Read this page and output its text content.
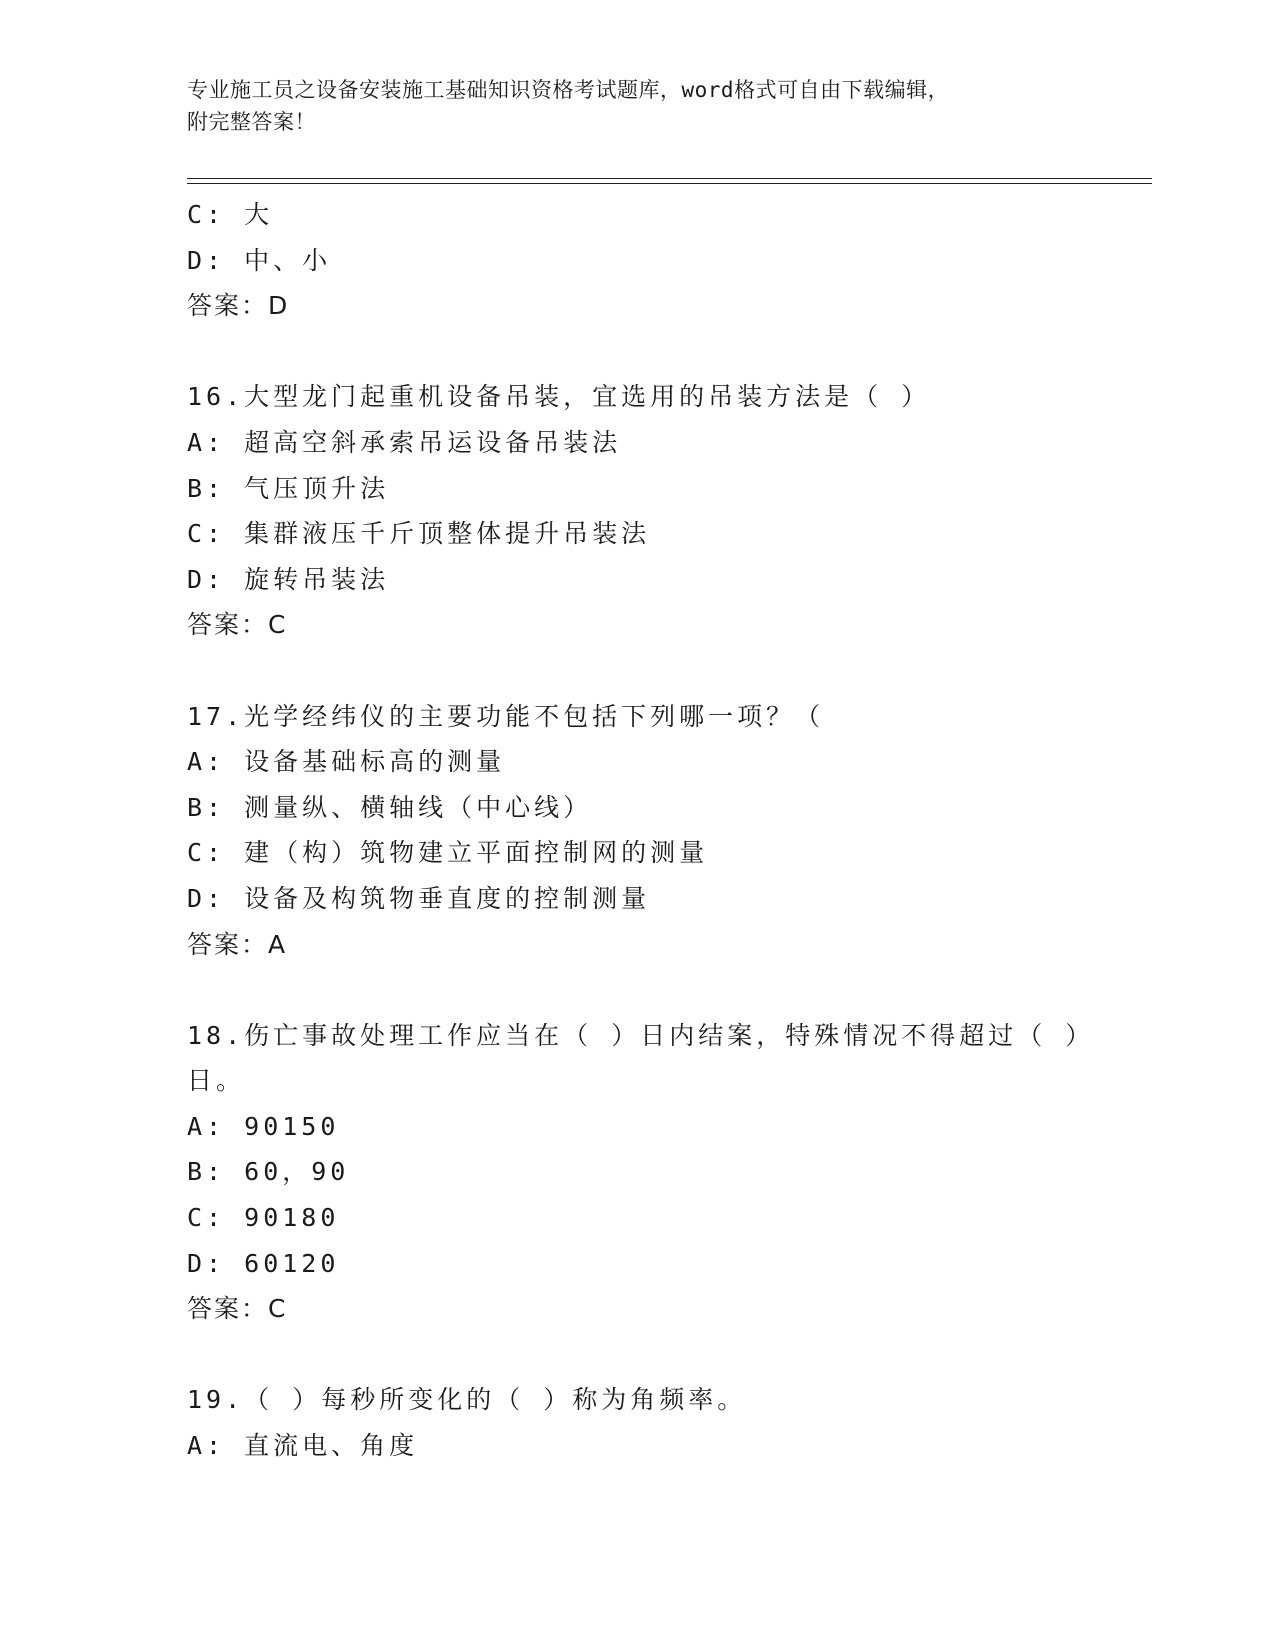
专业施工员之设备安装施工基础知识资格考试题库，word格式可自由下载编辑，
附完整答案！
C: 大
D: 中、小
答案：D
16.大型龙门起重机设备吊装，宜选用的吊装方法是（ ）
A: 超高空斜承索吊运设备吊装法
B: 气压顶升法
C: 集群液压千斤顶整体提升吊装法
D: 旋转吊装法
答案：C
17.光学经纬仪的主要功能不包括下列哪一项？（
A: 设备基础标高的测量
B: 测量纵、横轴线（中心线）
C: 建（构）筑物建立平面控制网的测量
D: 设备及构筑物垂直度的控制测量
答案：A
18.伤亡事故处理工作应当在（ ）日内结案，特殊情况不得超过（ ）
日。
A: 90150
B: 60，90
C: 90180
D: 60120
答案：C
19.（ ）每秒所变化的（ ）称为角频率。
A: 直流电、角度
